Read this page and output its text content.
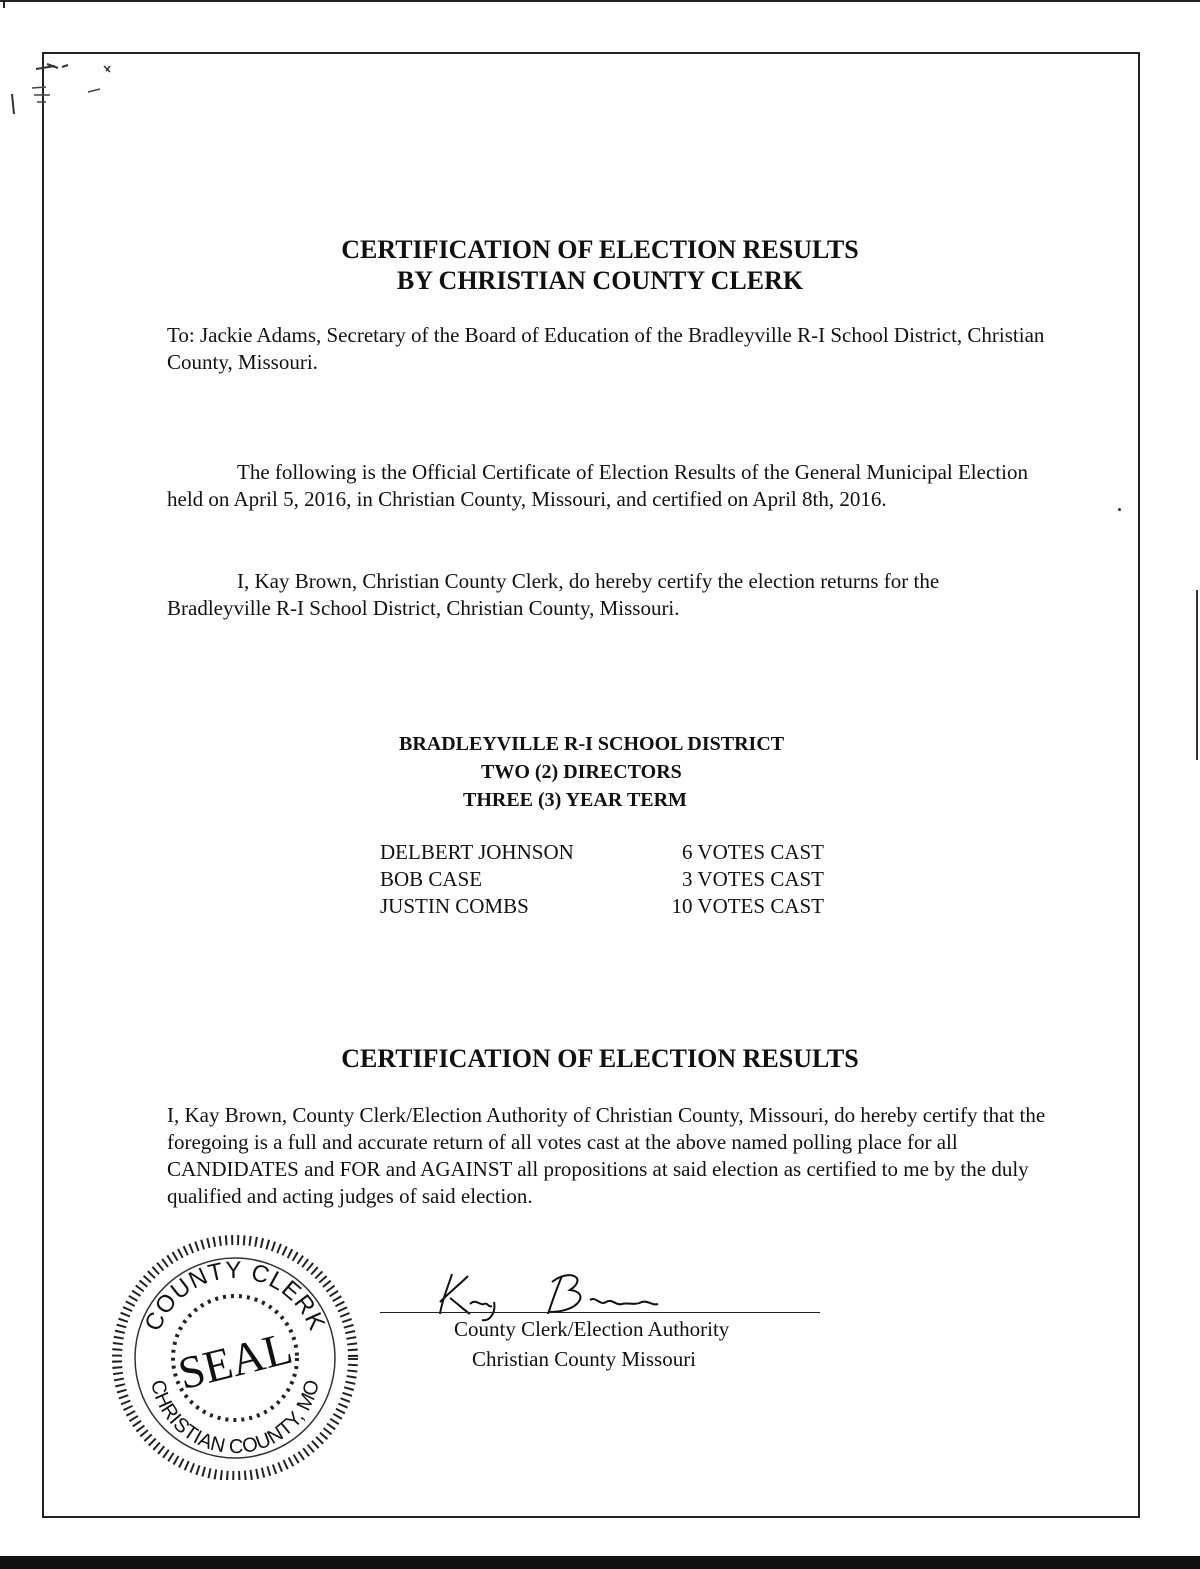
CERTIFICATION OF ELECTION RESULTS
BY CHRISTIAN COUNTY CLERK

To: Jackie Adams, Secretary of the Board of Education of the Bradleyville R-I School District, Christian County, Missouri.

The following is the Official Certificate of Election Results of the General Municipal Election held on April 5, 2016, in Christian County, Missouri, and certified on April 8th, 2016.

I, Kay Brown, Christian County Clerk, do hereby certify the election returns for the Bradleyville R-I School District, Christian County, Missouri.

BRADLEYVILLE R-I SCHOOL DISTRICT
TWO (2) DIRECTORS
THREE (3) YEAR TERM
DELBERT JOHNSON	6 VOTES CAST
BOB CASE	3 VOTES CAST
JUSTIN COMBS	10 VOTES CAST
CERTIFICATION OF ELECTION RESULTS

I, Kay Brown, County Clerk/Election Authority of Christian County, Missouri, do hereby certify that the foregoing is a full and accurate return of all votes cast at the above named polling place for all CANDIDATES and FOR and AGAINST all propositions at said election as certified to me by the duly qualified and acting judges of said election.

COUNTY CLERK
CHRISTIAN COUNTY, MO
SEAL	County Clerk/Election Authority
Christian County Missouri
